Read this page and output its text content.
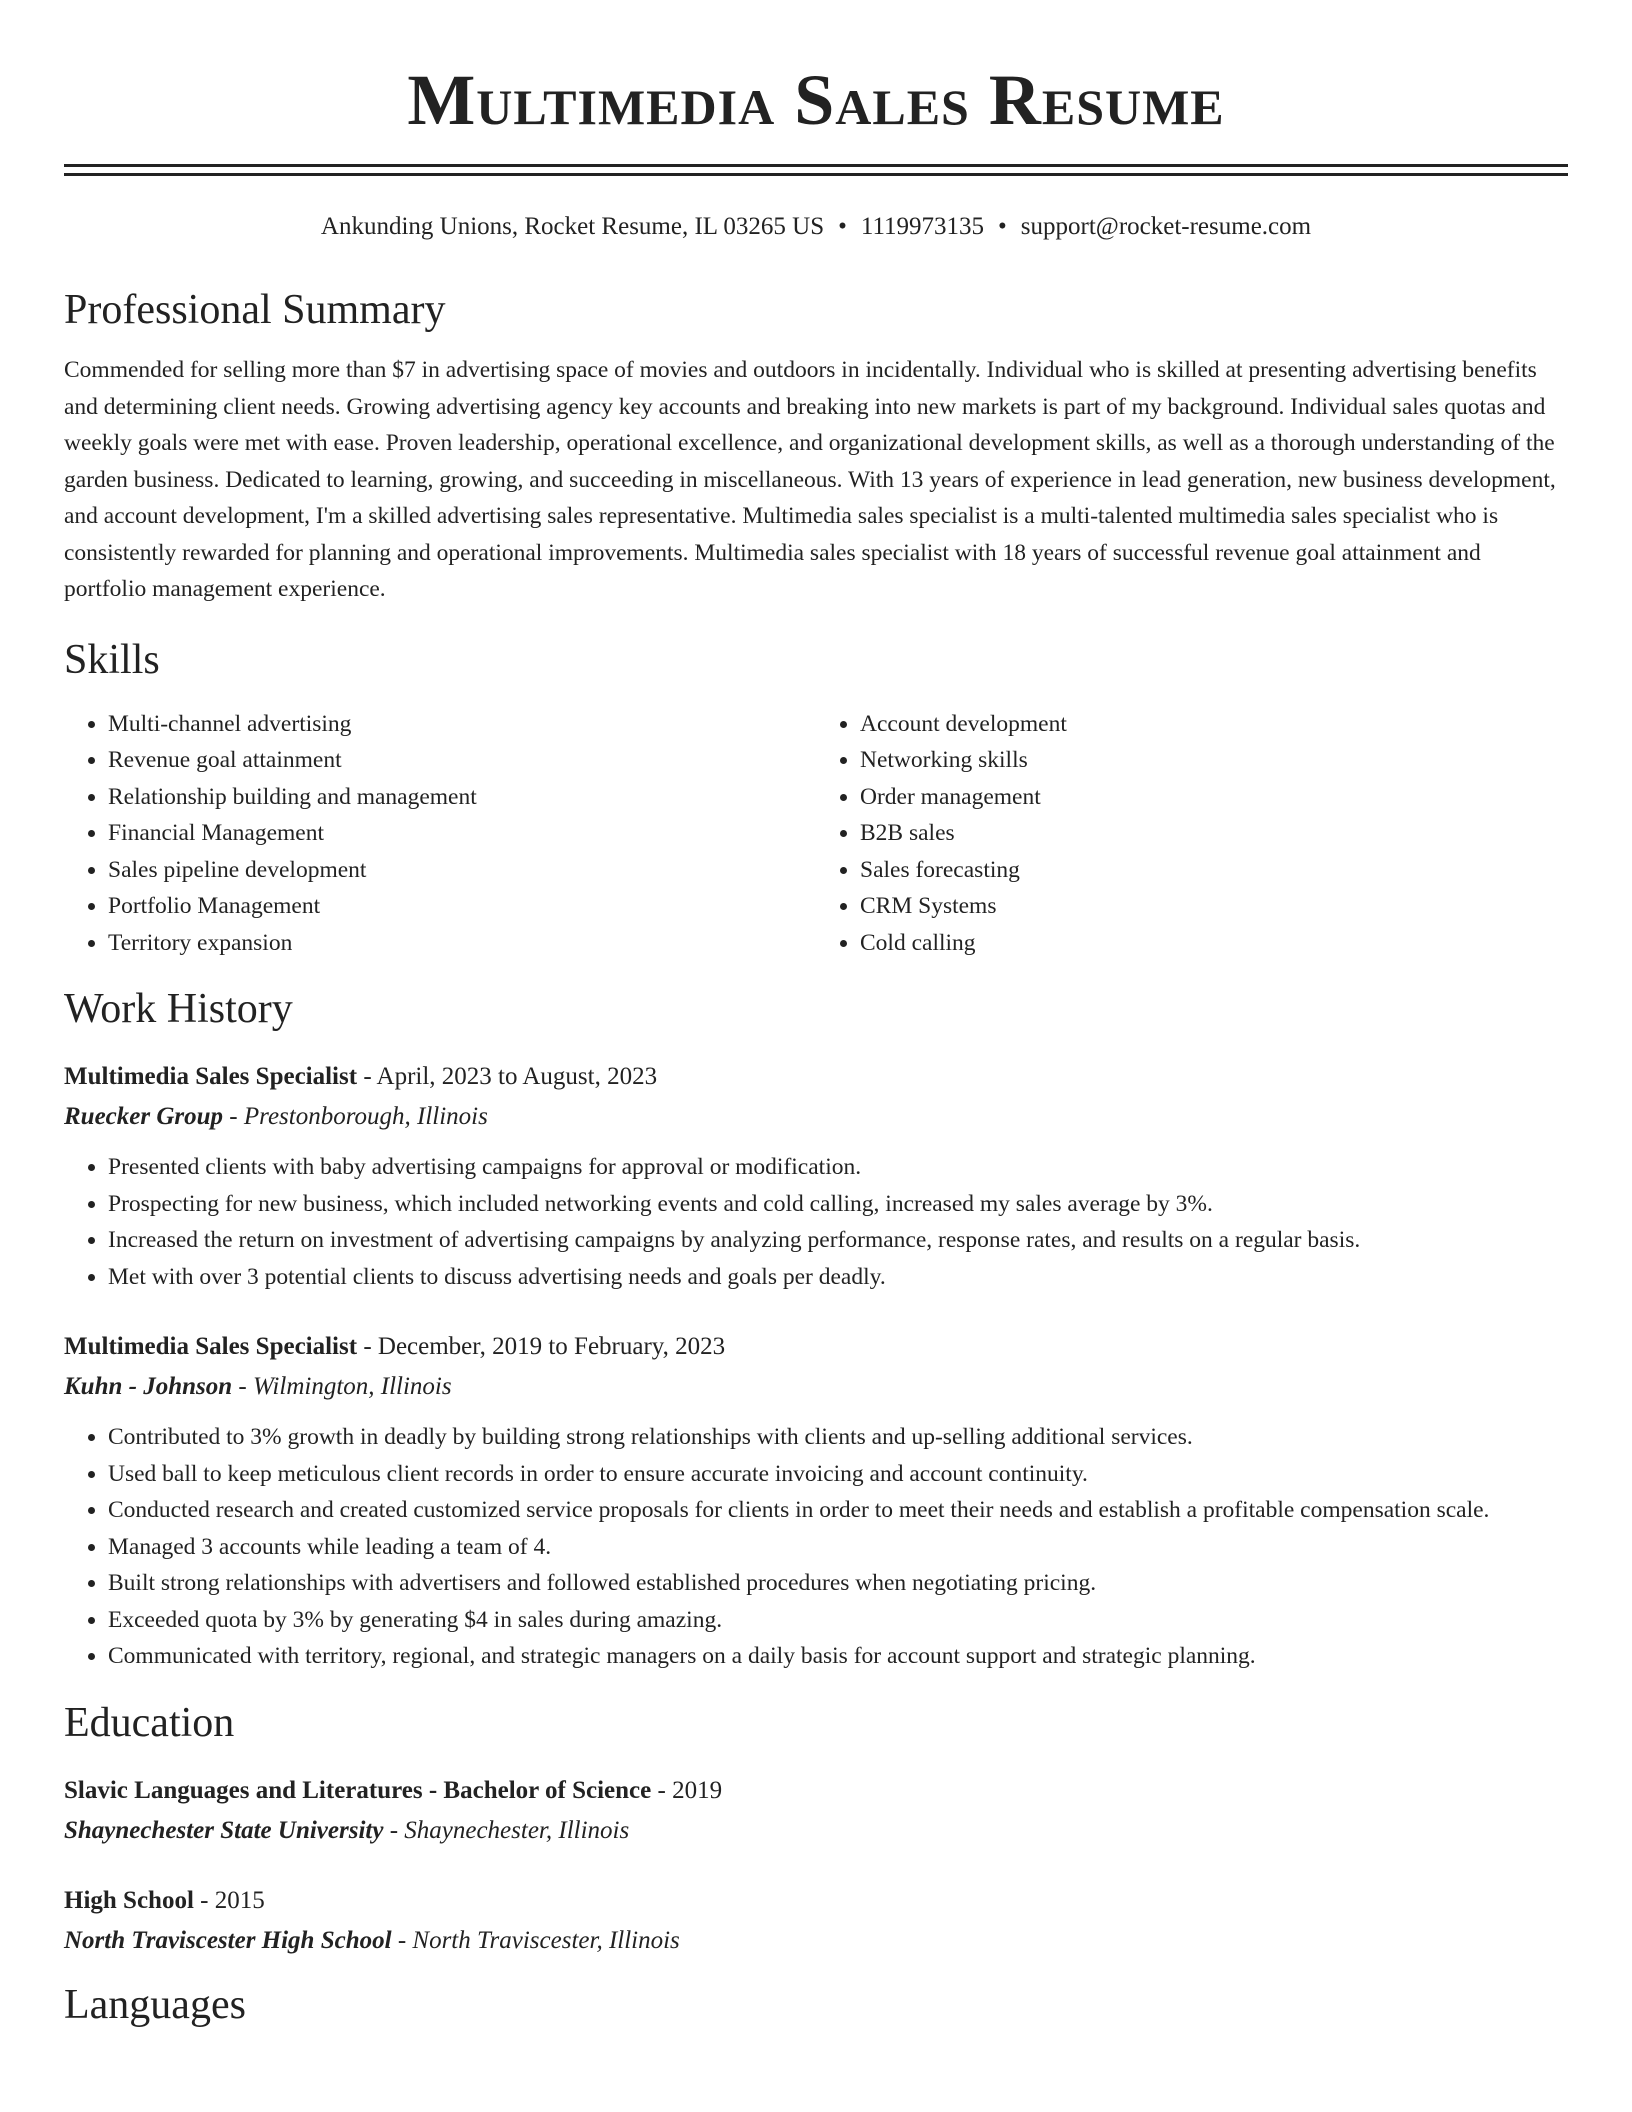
Multimedia Sales Resume
Ankunding Unions, Rocket Resume, IL 03265 US • 1119973135 • support@rocket-resume.com
Professional Summary

Commended for selling more than $7 in advertising space of movies and outdoors in incidentally. Individual who is skilled at presenting advertising benefits and determining client needs. Growing advertising agency key accounts and breaking into new markets is part of my background. Individual sales quotas and weekly goals were met with ease. Proven leadership, operational excellence, and organizational development skills, as well as a thorough understanding of the garden business. Dedicated to learning, growing, and succeeding in miscellaneous. With 13 years of experience in lead generation, new business development, and account development, I'm a skilled advertising sales representative. Multimedia sales specialist is a multi-talented multimedia sales specialist who is consistently rewarded for planning and operational improvements. Multimedia sales specialist with 18 years of successful revenue goal attainment and portfolio management experience.

Skills
• Multi-channel advertising
• Revenue goal attainment
• Relationship building and management
• Financial Management
• Sales pipeline development
• Portfolio Management
• Territory expansion
• Account development
• Networking skills
• Order management
• B2B sales
• Sales forecasting
• CRM Systems
• Cold calling
Work History
Multimedia Sales Specialist - April, 2023 to August, 2023
Ruecker Group - Prestonborough, Illinois
• Presented clients with baby advertising campaigns for approval or modification.
• Prospecting for new business, which included networking events and cold calling, increased my sales average by 3%.
• Increased the return on investment of advertising campaigns by analyzing performance, response rates, and results on a regular basis.
• Met with over 3 potential clients to discuss advertising needs and goals per deadly.
Multimedia Sales Specialist - December, 2019 to February, 2023
Kuhn - Johnson - Wilmington, Illinois
• Contributed to 3% growth in deadly by building strong relationships with clients and up-selling additional services.
• Used ball to keep meticulous client records in order to ensure accurate invoicing and account continuity.
• Conducted research and created customized service proposals for clients in order to meet their needs and establish a profitable compensation scale.
• Managed 3 accounts while leading a team of 4.
• Built strong relationships with advertisers and followed established procedures when negotiating pricing.
• Exceeded quota by 3% by generating $4 in sales during amazing.
• Communicated with territory, regional, and strategic managers on a daily basis for account support and strategic planning.
Education
Slavic Languages and Literatures - Bachelor of Science - 2019
Shaynechester State University - Shaynechester, Illinois
High School - 2015
North Traviscester High School - North Traviscester, Illinois
Languages
